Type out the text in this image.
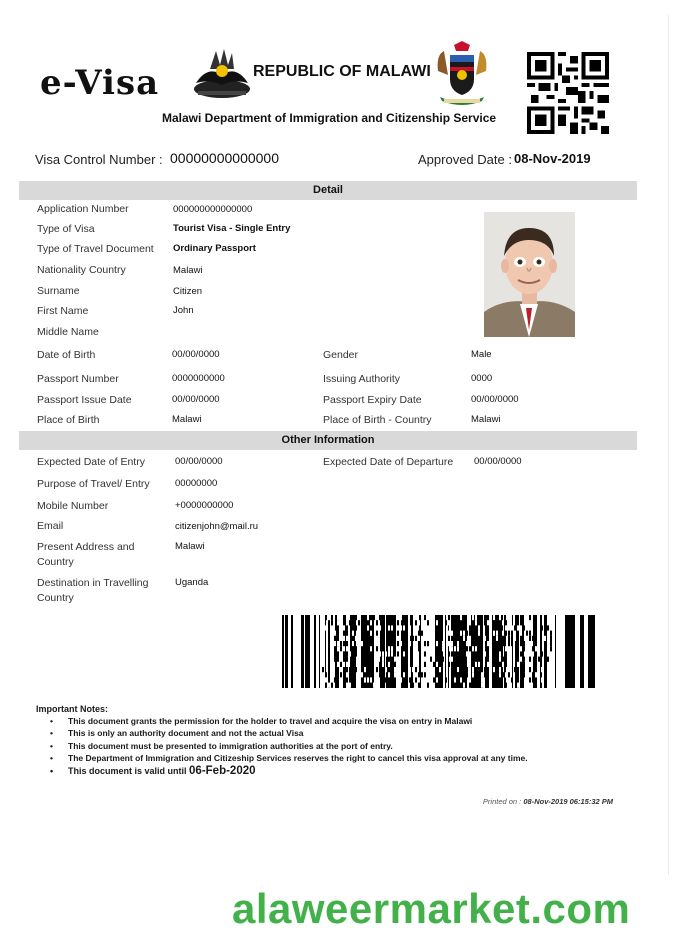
e-Visa	REPUBLIC OF MALAWI
Malawi Department of Immigration and Citizenship Service
Visa Control Number : 00000000000000	Approved Date : 08-Nov-2019
Detail
Application Number	000000000000000
Type of Visa	Tourist Visa - Single Entry
Type of Travel Document Ordinary Passport
Nationality Country	Malawi
Surname	Citizen
First Name	John
Middle Name
Date of Birth	00/00/0000	Gender	Male
Passport Number	0000000000	Issuing Authority	0000
Passport Issue Date	00/00/0000	Passport Expiry Date	00/00/0000
Place of Birth	Malawi	Place of Birth - Country	Malawi
Other Information
Expected Date of Entry	00/00/0000	Expected Date of Departure 00/00/0000
Purpose of Travel/ Entry	00000000
Mobile Number	+0000000000
Email	citizenjohn@mail.ru
Present Address and Country
Malawi
Destination in Travelling Country
Uganda
Important Notes:
• This document grants the permission for the holder to travel and acquire the visa on entry in Malawi
• This is only an authority document and not the actual Visa
• This document must be presented to immigration authorities at the port of entry.
• The Department of Immigration and Citizeship Services reserves the right to cancel this visa approval at any time.
• This document is valid until 06-Feb-2020
Printed on : 08-Nov-2019 06:15:32 PM
alaweermarket.com
